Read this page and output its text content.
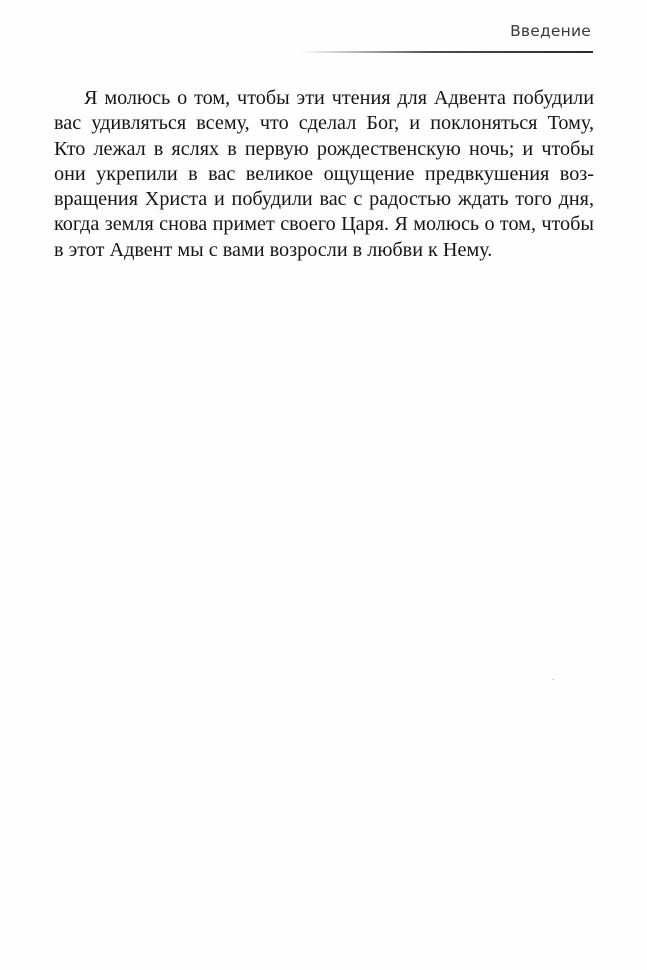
Введение
Я молюсь о том, чтобы эти чтения для Адвента побудили
вас удивляться всему, что сделал Бог, и поклоняться Тому,
Кто лежал в яслях в первую рождественскую ночь; и чтобы
они укрепили в вас великое ощущение предвкушения воз-
вращения Христа и побудили вас с радостью ждать того дня,
когда земля снова примет своего Царя. Я молюсь о том, чтобы
в этот Адвент мы с вами возросли в любви к Нему.
